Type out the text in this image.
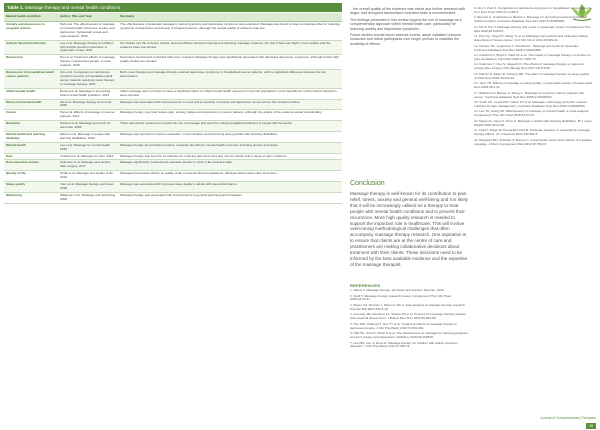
Table 1. Massage therapy and mental health conditions
Mental health condition	Author, Title and Year	Summary
Anxiety and depression in pregnant women	Hall et al. The effectiveness of massage on mental health outcomes: anxiety and depression. Systematic review and meta-analysis. 2020	The effectiveness of antenatal massage in reducing anxiety and depressive symptoms was examined. Massage was found to have a moderate effect in reducing symptoms of depression and anxiety in pregnant women, although the overall quality of evidence was low.
Autistic Spectrum Disorder	Lee et al. Massage therapy for children with autistic spectrum disorders: a systematic review. 2011	Six studies met the inclusion criteria. Several children showed improvement following massage; however, the risk of bias was high in most studies and the evidence base was limited.
Depression	Hou et al. Treatment effects of massage therapy in depressed people: a meta-analysis. 2010	Seventeen randomised controlled trials were included. Massage therapy was significantly associated with alleviated depressive symptoms, although further high quality studies are needed.
Depression in hospitalised adult cancer patients	Kim et al. Comparison of depressive symptom severity of hospitalised adult cancer patients receiving music therapy or massage therapy. 2021	Both music therapy and massage therapy reduced depressive symptoms in hospitalised cancer patients, with no significant difference between the two interventions.
Infant mental health	Bennett et al. Massage in preventing infant mental health problems. 2013	Infant massage was not shown to have a significant effect on infant mental health outcomes in low-risk populations; some benefits for mother-infant interaction were reported.
Mood and mental health	Mo et al. Massage therapy and mood. 2020	Massage was associated with improvements in mood and a reduction in anxiety and depression scores across the included studies.
Cancer	Pan et al. Effects of massage on cancer patients. 2014	Massage therapy may help reduce pain, anxiety, fatigue and depression in cancer patients, although the quality of the evidence varied considerably.
Dementia	Hansen et al. Massage and touch for dementia. 2006	There was limited evidence to support the use of massage and touch for reducing agitated behaviour in people with dementia.
Mental health and learning disability	Mason et al. Massage in people with learning disabilities. 2020	Massage was reported to improve relaxation, communication and well-being among adults with learning disabilities.
Mental health	Lee et al. Massage for mental health. 2018	Massage therapy demonstrated small to moderate benefits for mental health outcomes including anxiety and stress.
Pain	Crawford et al. Massage for pain. 2016	Massage therapy was found to be effective for reducing pain and improving mood in adults with a range of pain conditions.
Post-operative anxiety	Kukimoto et al. Massage and anxiety after surgery. 2017	Massage significantly reduced post-operative anxiety in most of the included trials.
Quality of life	Smith et al. Massage and quality of life. 2019	Massage had positive effects on quality of life in several clinical populations, although effects were often short-term.
Sleep quality	Yeun et al. Massage therapy and sleep. 2018	Massage was associated with improved sleep quality in adults with sleep disturbance.
Well-being	Wilkinson et al. Massage and well-being. 2008	Massage therapy was associated with improvements in general well-being and relaxation.

...the overall quality of the evidence was mixed and further research with larger, well designed randomised controlled trials is recommended.

The findings presented in this review support the use of massage as a complementary approach within mental health care, particularly for reducing anxiety and depressive symptoms.

Future studies should report adverse events, adopt validated outcome measures and follow participants over longer periods to establish the durability of effects.

Conclusion

Massage therapy is well-known for its contribution to pain relief, stress, anxiety and general well-being and it is likely that it will be increasingly utilised as a therapy to treat people with mental health conditions and to prevent their recurrence. More high quality research is needed to support the important role in healthcare. This will involve overcoming methodological challenges that often accompany massage therapy research. One aspiration is to ensure that clients are at the centre of care and practitioners are making collaborative decisions about treatment with their clients. These decisions need to be informed by the best available evidence and the expertise of the massage therapist.

REFERENCES
1. Sabra S. Massage therapy: principles and practice. Elsevier, 2016.
2. Field T. Massage therapy research review. Complement Ther Clin Pract 2016;24:19-31.
3. Moyer CA, Rounds J, Hannum JW. A meta-analysis of massage therapy research. Psychol Bull 2004;130:3-18.
4. Kennedy AB, Cambron JA, Sharpe PA et al. Process for massage therapy practice and essential assessment. J Bodyw Mov Ther 2016;20:484-96.
5. Hou WH, Chiang PT, Hsu TY et al. Treatment effects of massage therapy in depressed people. J Clin Psychiatry 2010;71:894-901.
6. Hall HG, Cant R, Munk N et al. The effectiveness of massage for reducing pregnant women's anxiety and depression. Midwifery 2020;90:102818.
7. Lee MS, Kim JI, Ernst E. Massage therapy for children with autism spectrum disorders. J Clin Psychiatry 2011;72:406-11.
8. Kim J, Park S. Comparison of depressive symptoms in hospitalised cancer patients. Int J Nurs Pract 2021;27:e12871.
9. Bennett C, Underdown A, Barlow J. Massage for promoting mental and physical health in infants. Cochrane Database Syst Rev 2013;4:CD005038.
10. Mo S, Kim T. Massage therapy and mood: a systematic review. Complement Ther Med 2020;48:102272.
11. Pan YQ, Yang KH, Wang YL et al. Massage interventions and treatment-related side effects of breast cancer. Int J Clin Oncol 2014;19:829-41.
12. Hansen NV, Jorgensen T, Ortenblad L. Massage and touch for dementia. Cochrane Database Syst Rev 2006;4:CD004989.
13. Crawford C, Boyd C, Paat CF et al. The impact of massage therapy on function in pain populations. Pain Med 2016;17:1353-75.
14. Kukimoto Y, Ooe N, Ideguchi N. The effects of massage therapy on pain and anxiety after surgery. Pain Manag Nurs 2017;18:378-90.
15. Miozzo R, Eaton B, Pokorny ME. The effect of massage therapy on sleep quality. J Holist Nurs 2018;36:234-42.
16. Yeun YR. Effects of massage on sleep quality: a systematic review. J Korean Acad Nurs 2018;48:1-11.
17. Wilkinson S, Barnes K, Storey L. Massage for symptom relief in patients with cancer. Cochrane Database Syst Rev 2008;4:CD006200.
18. Smith CA, Levett KM, Collins CT et al. Massage, reflexology and other manual methods for pain management. Cochrane Database Syst Rev 2018;3:CD009290.
19. Lee JH, Jeong SH. Effectiveness of massage on mental health: a meta-analysis. Complement Ther Clin Pract 2018;31:87-93.
20. Mason R, Jones K, Price A. Massage in adults with learning disabilities. Br J Learn Disabil 2020;48:12-20.
21. Field T, Diego M, Hernandez-Reif M. Moderate pressure is essential for massage therapy effects. Int J Neurosci 2010;120:381-5.
22. Rapaport MH, Schettler P, Bresee C. A preliminary study of the effects of repeated massage. J Altern Complement Med 2012;18:789-97.
Journal of Complementary Therapies 25
